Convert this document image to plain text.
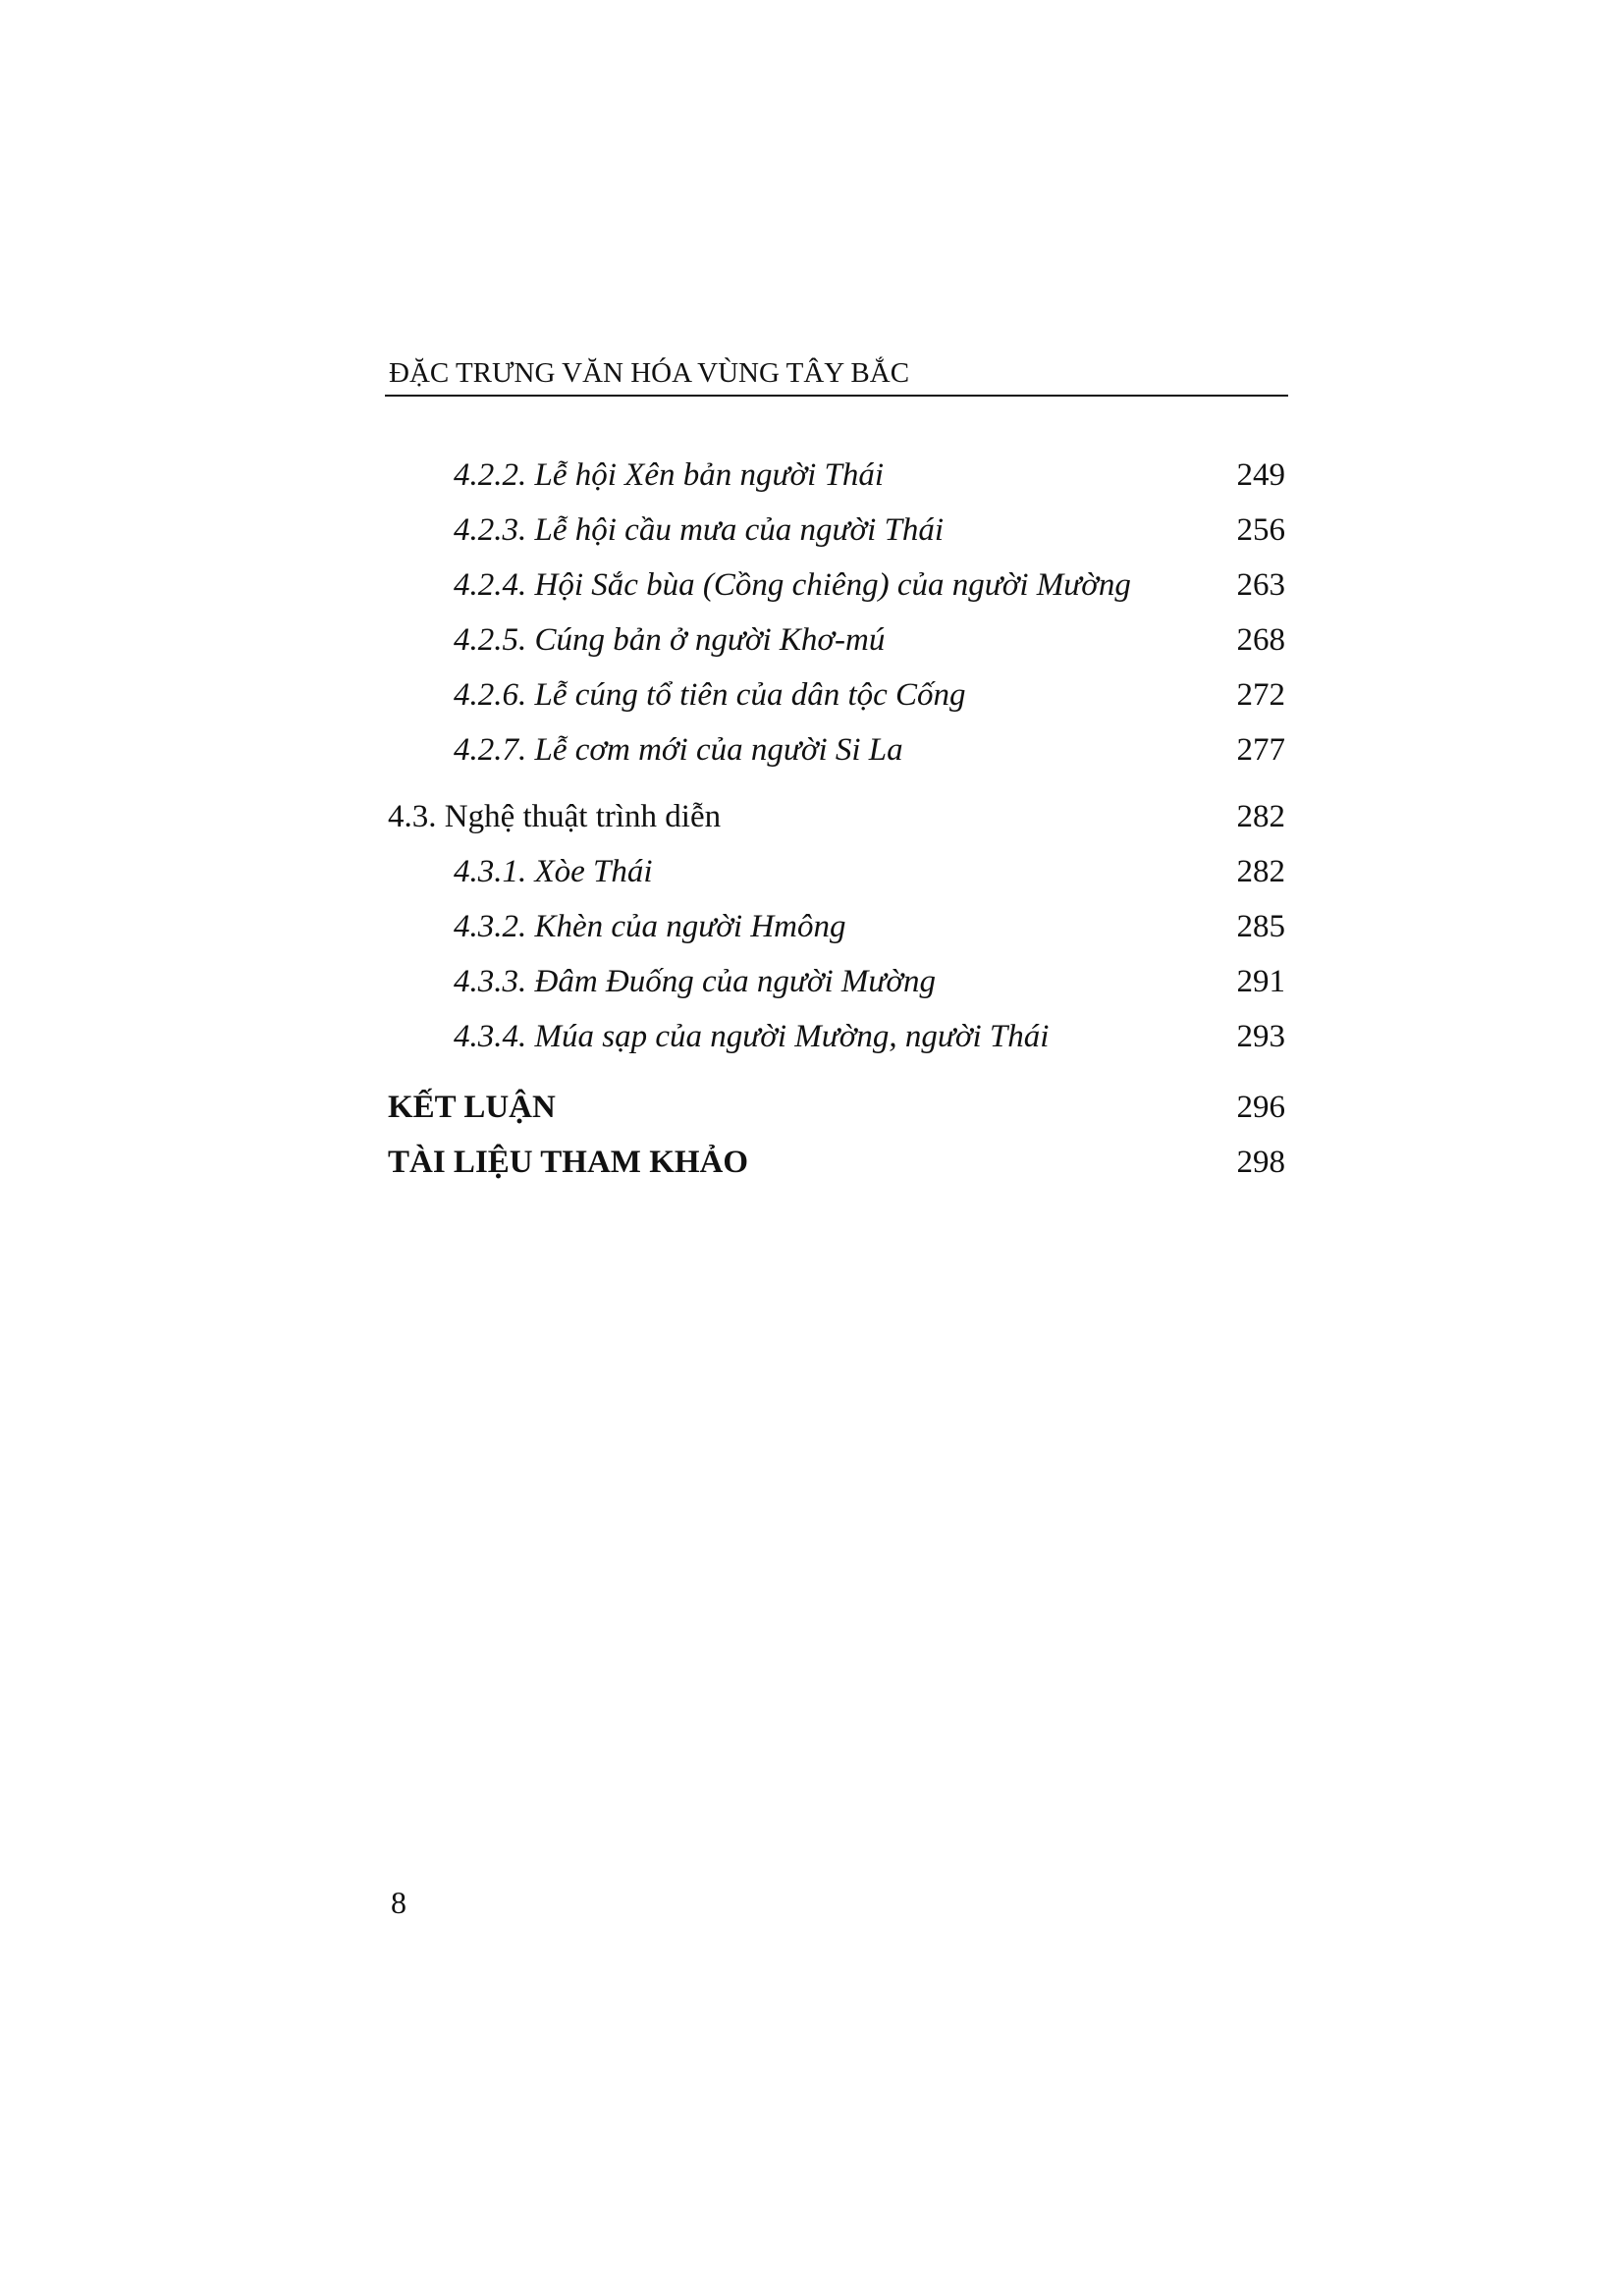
ĐẶC TRƯNG VĂN HÓA VÙNG TÂY BẮC
4.2.2. Lễ hội Xên bản người Thái	249
4.2.3. Lễ hội cầu mưa của người Thái	256
4.2.4. Hội Sắc bùa (Cồng chiêng) của người Mường	263
4.2.5. Cúng bản ở người Khơ-mú	268
4.2.6. Lễ cúng tổ tiên của dân tộc Cống	272
4.2.7. Lễ cơm mới của người Si La	277
4.3. Nghệ thuật trình diễn	282
4.3.1. Xòe Thái	282
4.3.2. Khèn của người Hmông	285
4.3.3. Đâm Đuống của người Mường	291
4.3.4. Múa sạp của người Mường, người Thái	293
KẾT LUẬN	296
TÀI LIỆU THAM KHẢO	298
8
